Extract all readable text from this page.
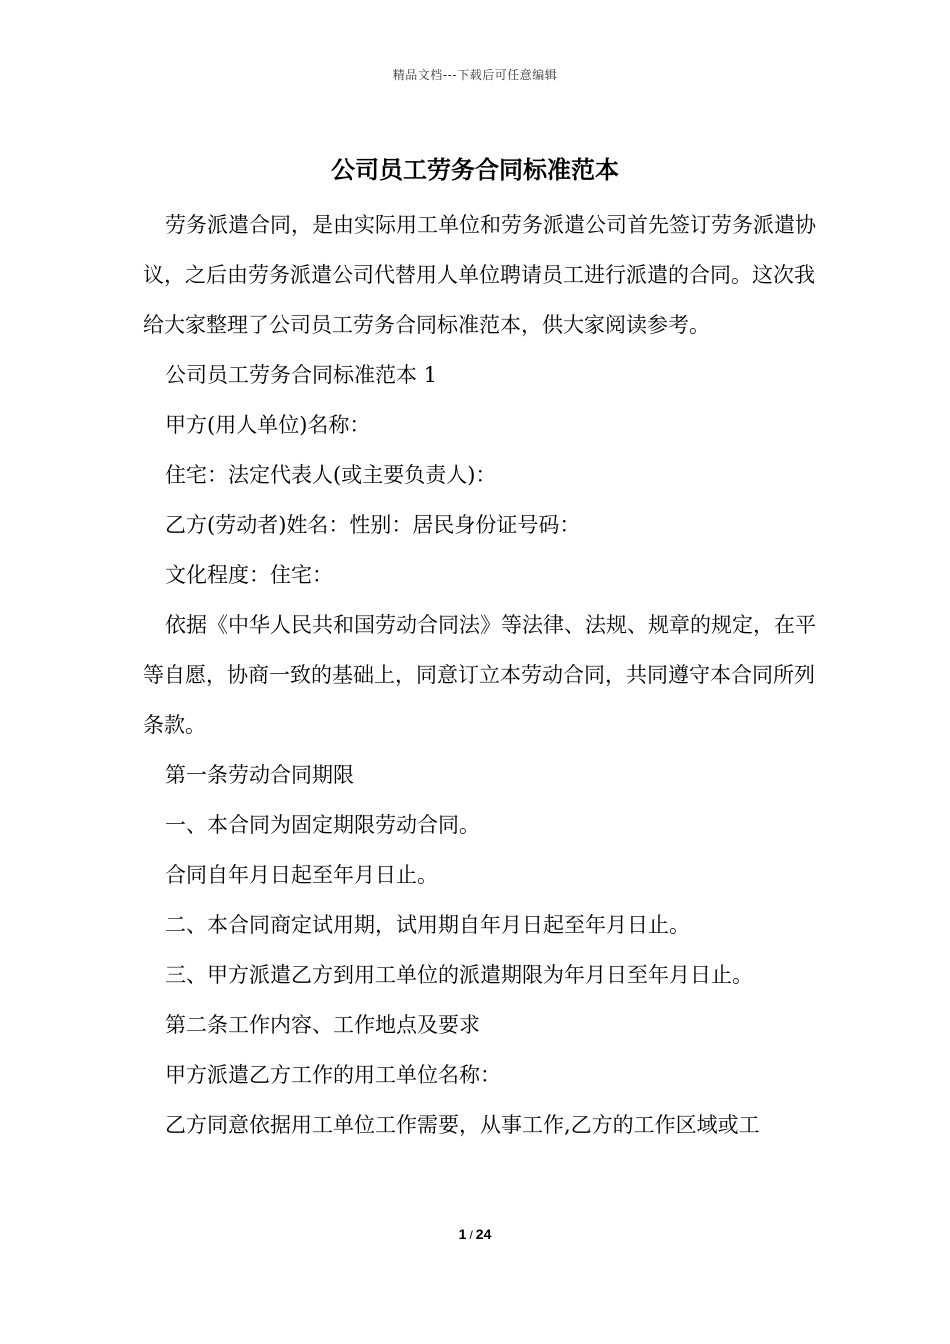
精品文档---下载后可任意编辑
公司员工劳务合同标准范本

劳务派遣合同，是由实际用工单位和劳务派遣公司首先签订劳务派遣协议，之后由劳务派遣公司代替用人单位聘请员工进行派遣的合同。这次我给大家整理了公司员工劳务合同标准范本，供大家阅读参考。

公司员工劳务合同标准范本 1

甲方(用人单位)名称：

住宅：法定代表人(或主要负责人)：

乙方(劳动者)姓名：性别：居民身份证号码：

文化程度：住宅：

依据《中华人民共和国劳动合同法》等法律、法规、规章的规定，在平等自愿，协商一致的基础上，同意订立本劳动合同，共同遵守本合同所列条款。

第一条劳动合同期限

一、本合同为固定期限劳动合同。

合同自年月日起至年月日止。

二、本合同商定试用期，试用期自年月日起至年月日止。

三、甲方派遣乙方到用工单位的派遣期限为年月日至年月日止。

第二条工作内容、工作地点及要求

甲方派遣乙方工作的用工单位名称：

乙方同意依据用工单位工作需要，从事工作,乙方的工作区域或工

1 / 24
